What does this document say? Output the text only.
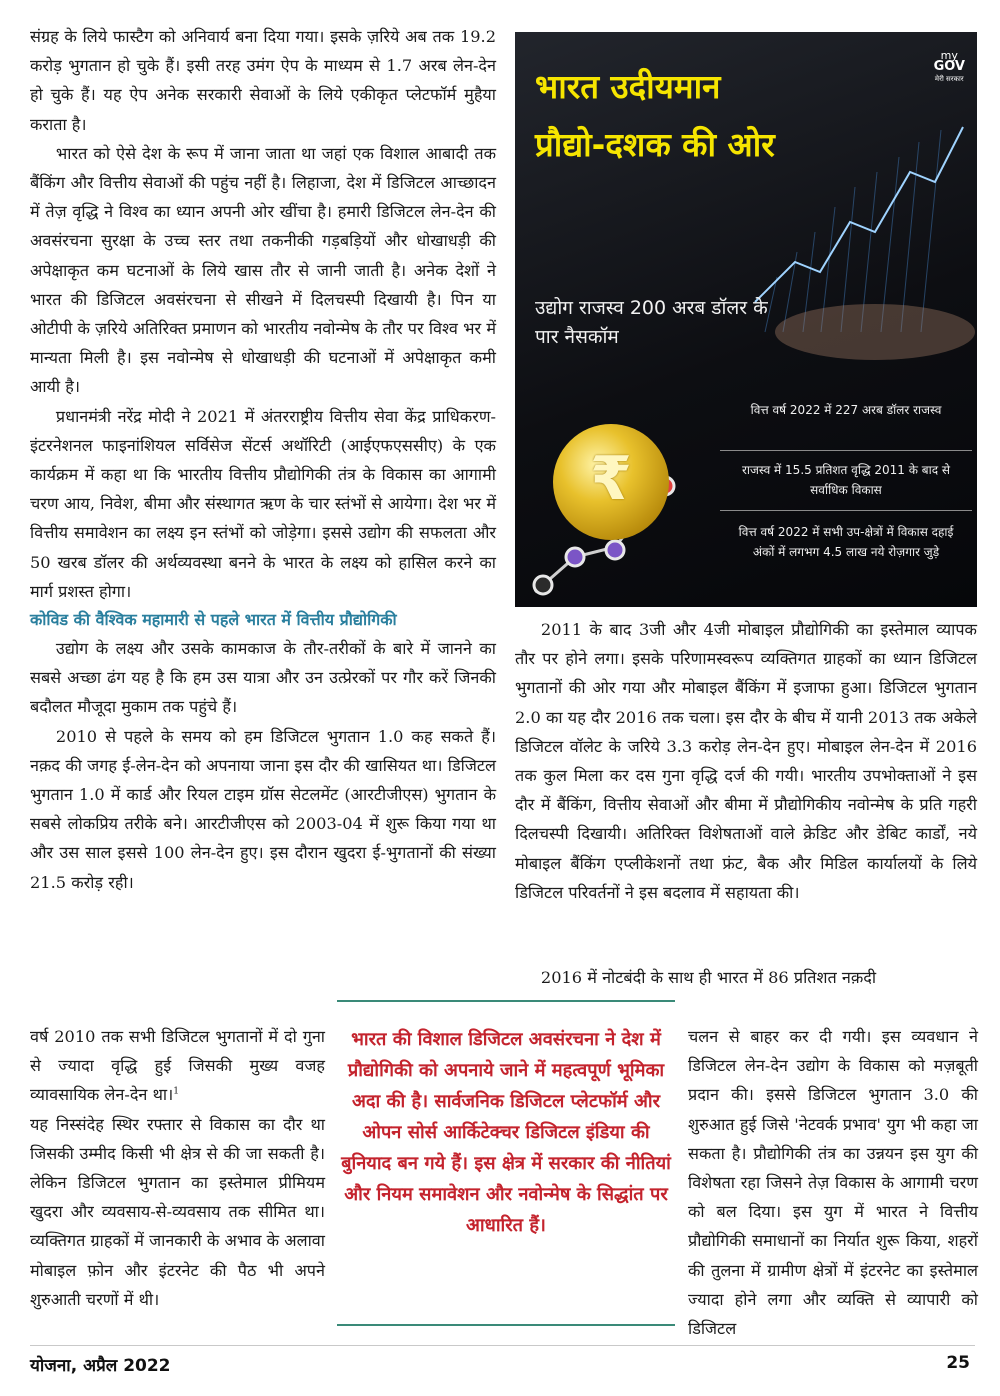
संग्रह के लिये फास्टैग को अनिवार्य बना दिया गया। इसके ज़रिये अब तक 19.2 करोड़ भुगतान हो चुके हैं। इसी तरह उमंग ऐप के माध्यम से 1.7 अरब लेन-देन हो चुके हैं। यह ऐप अनेक सरकारी सेवाओं के लिये एकीकृत प्लेटफॉर्म मुहैया कराता है।

भारत को ऐसे देश के रूप में जाना जाता था जहां एक विशाल आबादी तक बैंकिंग और वित्तीय सेवाओं की पहुंच नहीं है। लिहाजा, देश में डिजिटल आच्छादन में तेज़ वृद्धि ने विश्व का ध्यान अपनी ओर खींचा है। हमारी डिजिटल लेन-देन की अवसंरचना सुरक्षा के उच्च स्तर तथा तकनीकी गड़बड़ियों और धोखाधड़ी की अपेक्षाकृत कम घटनाओं के लिये खास तौर से जानी जाती है। अनेक देशों ने भारत की डिजिटल अवसंरचना से सीखने में दिलचस्पी दिखायी है। पिन या ओटीपी के ज़रिये अतिरिक्त प्रमाणन को भारतीय नवोन्मेष के तौर पर विश्व भर में मान्यता मिली है। इस नवोन्मेष से धोखाधड़ी की घटनाओं में अपेक्षाकृत कमी आयी है।

प्रधानमंत्री नरेंद्र मोदी ने 2021 में अंतरराष्ट्रीय वित्तीय सेवा केंद्र प्राधिकरण- इंटरनेशनल फाइनांशियल सर्विसेज सेंटर्स अथॉरिटी (आईएफएससीए) के एक कार्यक्रम में कहा था कि भारतीय वित्तीय प्रौद्योगिकी तंत्र के विकास का आगामी चरण आय, निवेश, बीमा और संस्थागत ऋण के चार स्तंभों से आयेगा। देश भर में वित्तीय समावेशन का लक्ष्य इन स्तंभों को जोड़ेगा। इससे उद्योग की सफलता और 50 खरब डॉलर की अर्थव्यवस्था बनने के भारत के लक्ष्य को हासिल करने का मार्ग प्रशस्त होगा।

कोविड की वैश्विक महामारी से पहले भारत में वित्तीय प्रौद्योगिकी

उद्योग के लक्ष्य और उसके कामकाज के तौर-तरीकों के बारे में जानने का सबसे अच्छा ढंग यह है कि हम उस यात्रा और उन उत्प्रेरकों पर गौर करें जिनकी बदौलत मौजूदा मुकाम तक पहुंचे हैं।

2010 से पहले के समय को हम डिजिटल भुगतान 1.0 कह सकते हैं। नक़द की जगह ई-लेन-देन को अपनाया जाना इस दौर की खासियत था। डिजिटल भुगतान 1.0 में कार्ड और रियल टाइम ग्रॉस सेटलमेंट (आरटीजीएस) भुगतान के सबसे लोकप्रिय तरीके बने। आरटीजीएस को 2003-04 में शुरू किया गया था और उस साल इससे 100 लेन-देन हुए। इस दौरान खुदरा ई-भुगतानों की संख्या 21.5 करोड़ रही।

वर्ष 2010 तक सभी डिजिटल भुगतानों में दो गुना से ज्यादा वृद्धि हुई जिसकी मुख्य वजह व्यावसायिक लेन-देन था।$^1$

यह निस्संदेह स्थिर रफ्तार से विकास का दौर था जिसकी उम्मीद किसी भी क्षेत्र से की जा सकती है। लेकिन डिजिटल भुगतान का इस्तेमाल प्रीमियम खुदरा और व्यवसाय-से-व्यवसाय तक सीमित था। व्यक्तिगत ग्राहकों में जानकारी के अभाव के अलावा मोबाइल फ़ोन और इंटरनेट की पैठ भी अपने शुरुआती चरणों में थी।

my
GOV
मेरी सरकार
भारत उदीयमान प्रौद्यो-दशक की ओर
उद्योग राजस्व 200 अरब डॉलर के पार नैसकॉम
₹
वित्त वर्ष 2022 में 227 अरब डॉलर राजस्व
राजस्व में 15.5 प्रतिशत वृद्धि 2011 के बाद से सर्वाधिक विकास
वित्त वर्ष 2022 में सभी उप-क्षेत्रों में विकास दहाई अंकों में लगभग 4.5 लाख नये रोज़गार जुड़े

2011 के बाद 3जी और 4जी मोबाइल प्रौद्योगिकी का इस्तेमाल व्यापक तौर पर होने लगा। इसके परिणामस्वरूप व्यक्तिगत ग्राहकों का ध्यान डिजिटल भुगतानों की ओर गया और मोबाइल बैंकिंग में इजाफा हुआ। डिजिटल भुगतान 2.0 का यह दौर 2016 तक चला। इस दौर के बीच में यानी 2013 तक अकेले डिजिटल वॉलेट के जरिये 3.3 करोड़ लेन-देन हुए। मोबाइल लेन-देन में 2016 तक कुल मिला कर दस गुना वृद्धि दर्ज की गयी। भारतीय उपभोक्ताओं ने इस दौर में बैंकिंग, वित्तीय सेवाओं और बीमा में प्रौद्योगिकीय नवोन्मेष के प्रति गहरी दिलचस्पी दिखायी। अतिरिक्त विशेषताओं वाले क्रेडिट और डेबिट कार्डों, नये मोबाइल बैंकिंग एप्लीकेशनों तथा फ्रंट, बैक और मिडिल कार्यालयों के लिये डिजिटल परिवर्तनों ने इस बदलाव में सहायता की।

2016 में नोटबंदी के साथ ही भारत में 86 प्रतिशत नक़दी

चलन से बाहर कर दी गयी। इस व्यवधान ने डिजिटल लेन-देन उद्योग के विकास को मज़बूती प्रदान की। इससे डिजिटल भुगतान 3.0 की शुरुआत हुई जिसे 'नेटवर्क प्रभाव' युग भी कहा जा सकता है। प्रौद्योगिकी तंत्र का उन्नयन इस युग की विशेषता रहा जिसने तेज़ विकास के आगामी चरण को बल दिया। इस युग में भारत ने वित्तीय प्रौद्योगिकी समाधानों का निर्यात शुरू किया, शहरों की तुलना में ग्रामीण क्षेत्रों में इंटरनेट का इस्तेमाल ज्यादा होने लगा और व्यक्ति से व्यापारी को डिजिटल

भारत की विशाल डिजिटल अवसंरचना ने देश में प्रौद्योगिकी को अपनाये जाने में महत्वपूर्ण भूमिका अदा की है। सार्वजनिक डिजिटल प्लेटफॉर्म और ओपन सोर्स आर्किटेक्चर डिजिटल इंडिया की बुनियाद बन गये हैं। इस क्षेत्र में सरकार की नीतियां और नियम समावेशन और नवोन्मेष के सिद्धांत पर आधारित हैं।

योजना, अप्रैल 2022	25
